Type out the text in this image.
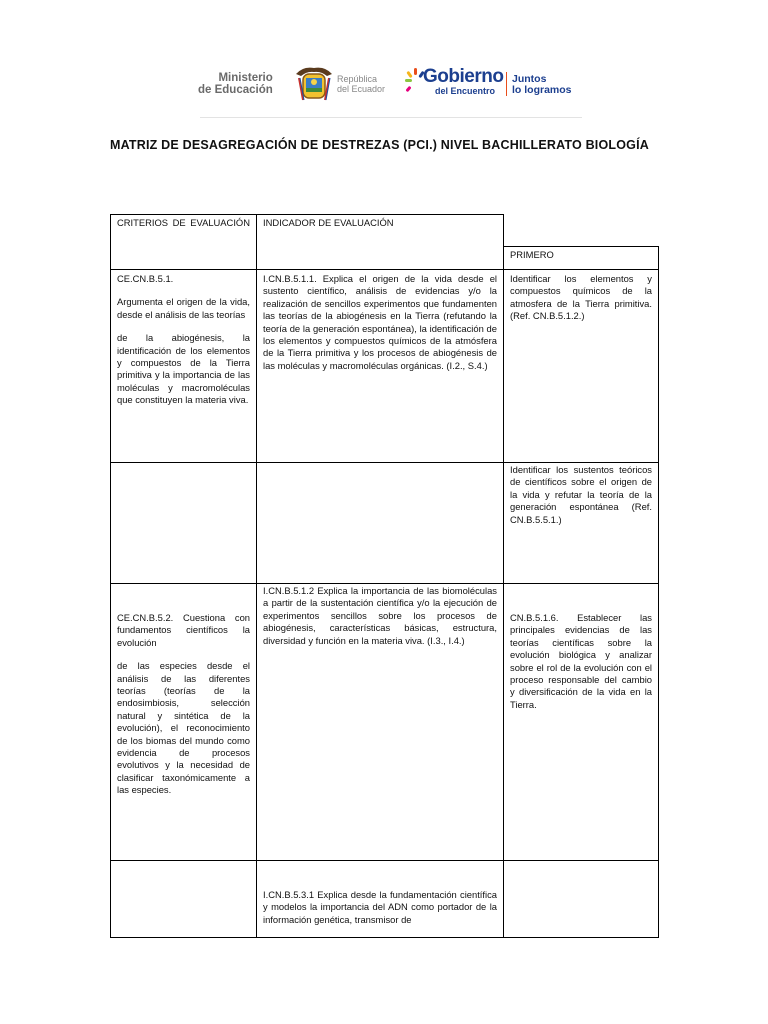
Ministerio
de Educación
República
del Ecuador
Gobierno
del Encuentro
Juntos
lo logramos
MATRIZ DE DESAGREGACIÓN DE DESTREZAS (PCI.) NIVEL BACHILLERATO BIOLOGÍA
CRITERIOS DE EVALUACIÓN	INDICADOR DE EVALUACIÓN
PRIMERO

CE.CN.B.5.1.

Argumenta el origen de la vida, desde el análisis de las teorías

de la abiogénesis, la identificación de los elementos y compuestos de la Tierra primitiva y la importancia de las moléculas y macromoléculas que constituyen la materia viva.

I.CN.B.5.1.1. Explica el origen de la vida desde el sustento científico, análisis de evidencias y/o la realización de sencillos experimentos que fundamenten las teorías de la abiogénesis en la Tierra (refutando la teoría de la generación espontánea), la identificación de los elementos y compuestos químicos de la atmósfera de la Tierra primitiva y los procesos de abiogénesis de las moléculas y macromoléculas orgánicas. (I.2., S.4.)

Identificar los elementos y compuestos químicos de la atmosfera de la Tierra primitiva. (Ref. CN.B.5.1.2.)

Identificar los sustentos teóricos de científicos sobre el origen de la vida y refutar la teoría de la generación espontánea (Ref. CN.B.5.5.1.)

CE.CN.B.5.2. Cuestiona con fundamentos científicos la evolución

de las especies desde el análisis de las diferentes teorías (teorías de la endosimbiosis, selección natural y sintética de la evolución), el reconocimiento de los biomas del mundo como evidencia de procesos evolutivos y la necesidad de clasificar taxonómicamente a las especies.

I.CN.B.5.1.2 Explica la importancia de las biomoléculas a partir de la sustentación científica y/o la ejecución de experimentos sencillos sobre los procesos de abiogénesis, características básicas, estructura, diversidad y función en la materia viva. (I.3., I.4.)

CN.B.5.1.6. Establecer las principales evidencias de las teorías científicas sobre la evolución biológica y analizar sobre el rol de la evolución con el proceso responsable del cambio y diversificación de la vida en la Tierra.

I.CN.B.5.3.1 Explica desde la fundamentación científica y modelos la importancia del ADN como portador de la información genética, transmisor de
